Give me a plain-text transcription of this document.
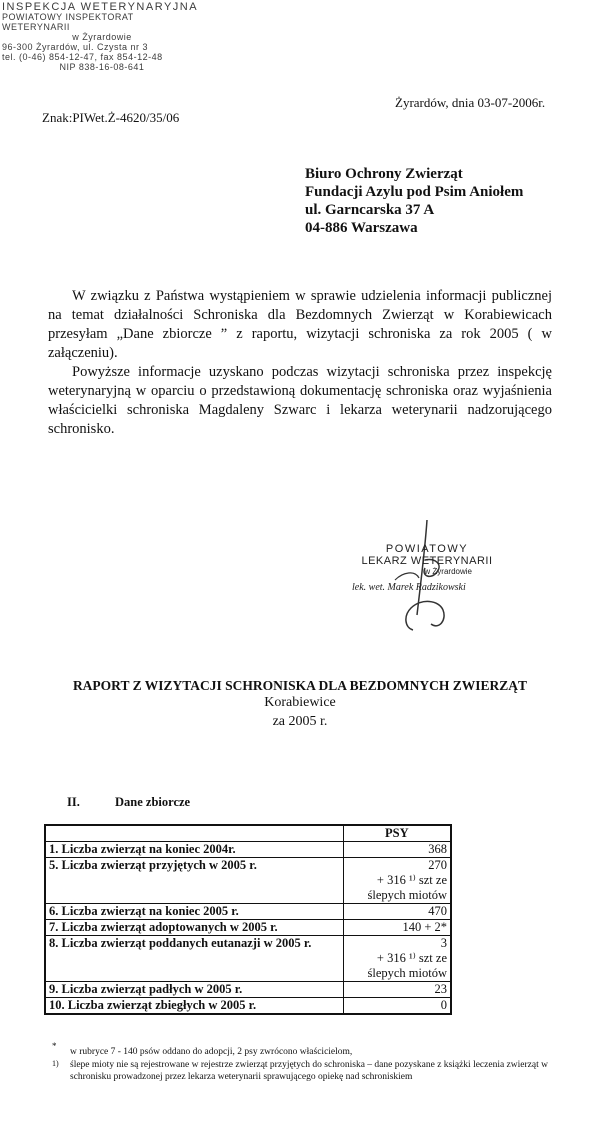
INSPEKCJA WETERYNARYJNA
POWIATOWY INSPEKTORAT WETERYNARII
w Żyrardowie
96-300 Żyrardów, ul. Czysta nr 3
tel. (0-46) 854-12-47, fax 854-12-48
NIP 838-16-08-641
Żyrardów, dnia 03-07-2006r.
Znak:PIWet.Ż-4620/35/06
Biuro Ochrony Zwierząt
Fundacji Azylu pod Psim Aniołem
ul. Garncarska 37 A
04-886 Warszawa

W związku z Państwa wystąpieniem w sprawie udzielenia informacji publicznej na temat działalności Schroniska dla Bezdomnych Zwierząt w Korabiewicach przesyłam „Dane zbiorcze ” z raportu, wizytacji schroniska za rok 2005 ( w załączeniu).

Powyższe informacje uzyskano podczas wizytacji schroniska przez inspekcję weterynaryjną w oparciu o przedstawioną dokumentację schroniska oraz wyjaśnienia właścicielki schroniska Magdaleny Szwarc i lekarza weterynarii nadzorującego schronisko.

POWIATOWY
LEKARZ WETERYNARII
w Żyrardowie
lek. wet. Marek Radzikowski
RAPORT Z WIZYTACJI SCHRONISKA DLA BEZDOMNYCH ZWIERZĄT
Korabiewice
za 2005 r.
II.	Dane zbiorcze
	PSY
1. Liczba zwierząt na koniec 2004r.	368

5. Liczba zwierząt przyjętych w 2005 r.	270
+ 316 ¹⁾ szt ze
ślepych miotów

6. Liczba zwierząt na koniec 2005 r.	470

7. Liczba zwierząt adoptowanych w 2005 r.	140 + 2*

8. Liczba zwierząt poddanych eutanazji w 2005 r.	3
+ 316 ¹⁾ szt ze
ślepych miotów

9. Liczba zwierząt padłych w 2005 r.	23

10. Liczba zwierząt zbiegłych w 2005 r.	0
*
w rubryce 7 - 140 psów oddano do adopcji, 2 psy zwrócono właścicielom,
1) ślepe mioty nie są rejestrowane w rejestrze zwierząt przyjętych do schroniska – dane pozyskane z książki leczenia zwierząt w schronisku prowadzonej przez lekarza weterynarii sprawującego opiekę nad schroniskiem
